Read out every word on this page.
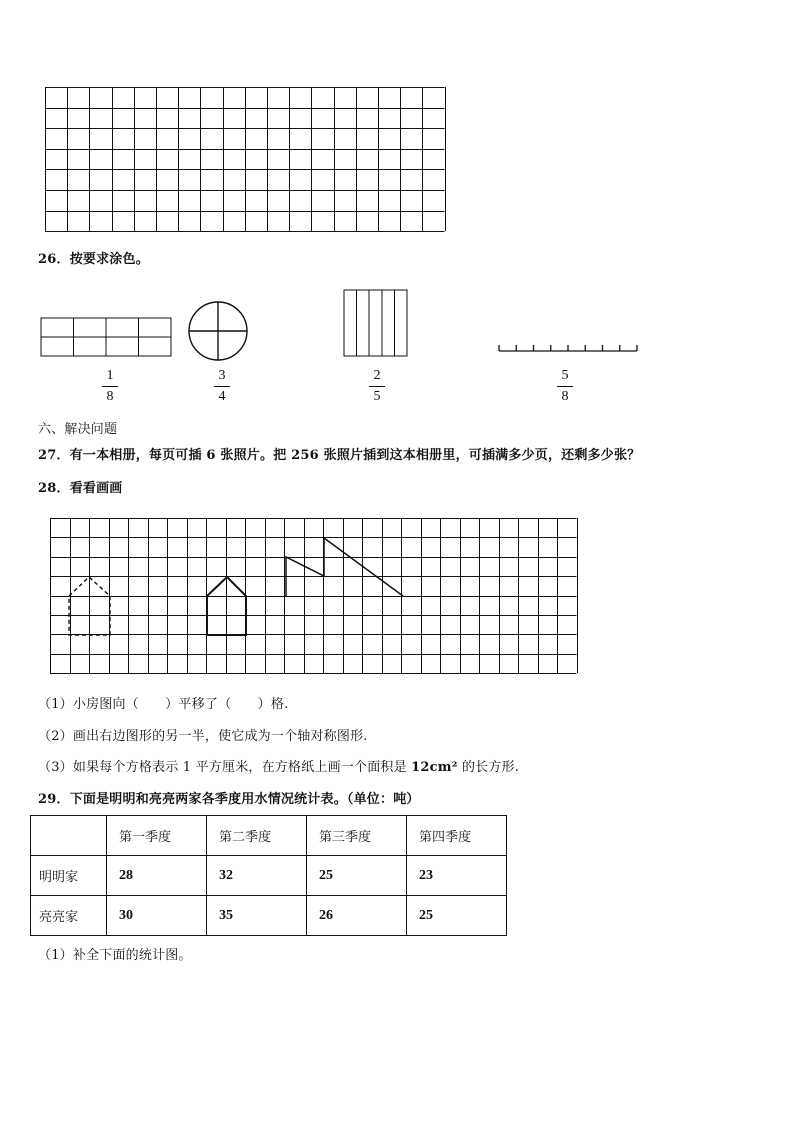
26．按要求涂色。
1
8
3
4
2
5
5
8
六、解决问题
27．有一本相册，每页可插 6 张照片。把 256 张照片插到这本相册里，可插满多少页，还剩多少张？
28．看看画画
（1）小房图向（　　）平移了（　　）格.
（2）画出右边图形的另一半，使它成为一个轴对称图形.
（3）如果每个方格表示 1 平方厘米，在方格纸上画一个面积是 12cm² 的长方形.
29．下面是明明和亮亮两家各季度用水情况统计表。（单位：吨）
	第一季度	第二季度	第三季度	第四季度
明明家	28	32	25	23
亮亮家	30	35	26	25
（1）补全下面的统计图。
